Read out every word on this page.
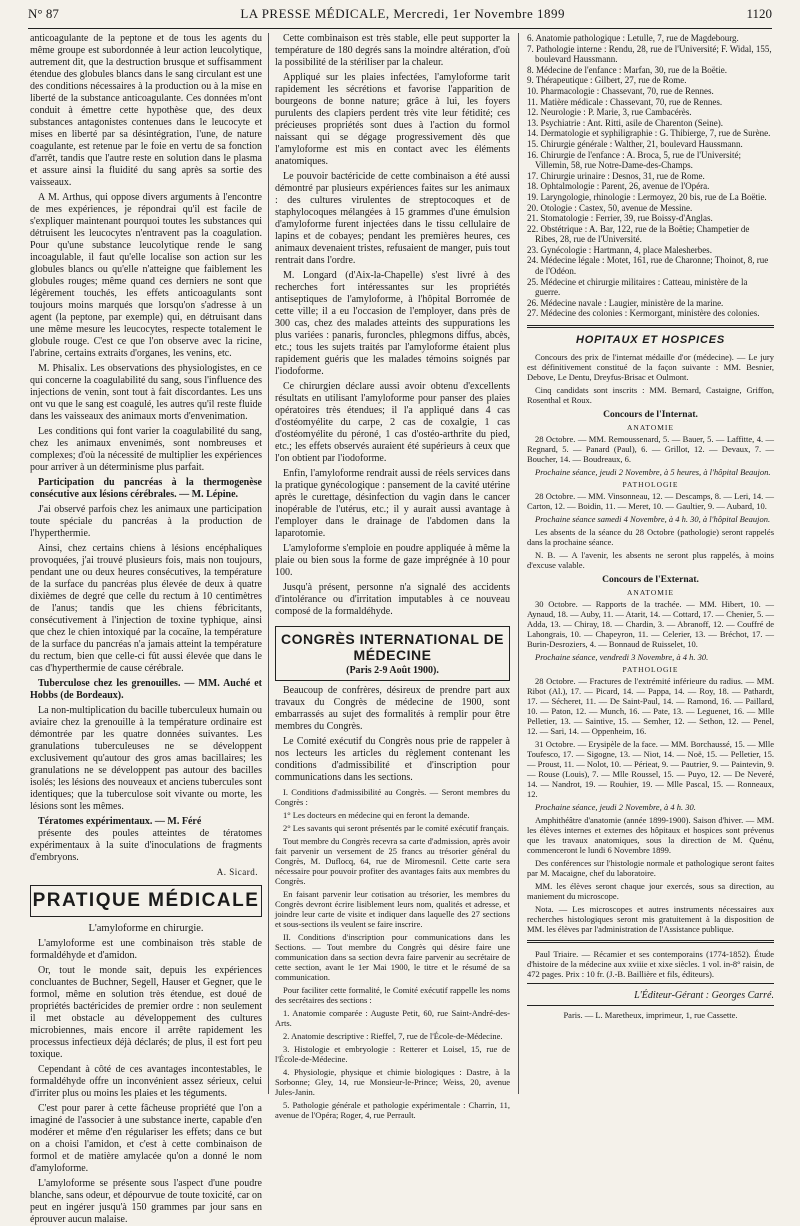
N° 87	LA PRESSE MÉDICALE, Mercredi, 1er Novembre 1899	1120

anticoagulante de la peptone et de tous les agents du même groupe est subordonnée à leur action leucolytique, autrement dit, que la destruction brusque et suffisamment étendue des globules blancs dans le sang circulant est une des conditions nécessaires à la production ou à la mise en liberté de la substance anticoagulante. Ces données m'ont conduit à émettre cette hypothèse que, des deux substances antagonistes contenues dans le leucocyte et mises en liberté par sa désintégration, l'une, de nature coagulante, est retenue par le foie en vertu de sa fonction d'arrêt, tandis que l'autre reste en solution dans le plasma et assure ainsi la fluidité du sang après sa sortie des vaisseaux.

A M. Arthus, qui oppose divers arguments à l'encontre de mes expériences, je répondrai qu'il est facile de s'expliquer maintenant pourquoi toutes les substances qui détruisent les leucocytes n'entravent pas la coagulation. Pour qu'une substance leucolytique rende le sang incoagulable, il faut qu'elle localise son action sur les globules blancs ou qu'elle n'atteigne que faiblement les globules rouges; même quand ces derniers ne sont que légèrement touchés, les effets anticoagulants sont toujours moins marqués que lorsqu'on s'adresse à un agent (la peptone, par exemple) qui, en détruisant dans une même mesure les leucocytes, respecte totalement le globule rouge. C'est ce que l'on observe avec la ricine, l'abrine, certains extraits d'organes, les venins, etc.

M. Phisalix. Les observations des physiologistes, en ce qui concerne la coagulabilité du sang, sous l'influence des injections de venin, sont tout à fait discordantes. Les uns ont vu que le sang est coagulé, les autres qu'il reste fluide dans les vaisseaux des animaux morts d'envenimation.

Les conditions qui font varier la coagulabilité du sang, chez les animaux envenimés, sont nombreuses et complexes; d'où la nécessité de multiplier les expériences pour arriver à un déterminisme plus parfait.

Participation du pancréas à la thermogenèse consécutive aux lésions cérébrales. — M. Lépine.

J'ai observé parfois chez les animaux une participation toute spéciale du pancréas à la production de l'hyperthermie.

Ainsi, chez certains chiens à lésions encéphaliques provoquées, j'ai trouvé plusieurs fois, mais non toujours, pendant une ou deux heures consécutives, la température de la surface du pancréas plus élevée de deux à quatre dixièmes de degré que celle du rectum à 10 centimètres de l'anus; tandis que les chiens fébricitants, consécutivement à l'injection de toxine typhique, ainsi que chez le chien intoxiqué par la cocaïne, la température de la surface du pancréas n'a jamais atteint la température du rectum, bien que celle-ci fût aussi élevée que dans le cas d'hyperthermie de cause cérébrale.

Tuberculose chez les grenouilles. — MM. Auché et Hobbs (de Bordeaux).

La non-multiplication du bacille tuberculeux humain ou aviaire chez la grenouille à la température ordinaire est démontrée par les quatre données suivantes. Les granulations tuberculeuses ne se développent exclusivement qu'autour des gros amas bacillaires; les granulations ne se développent pas autour des bacilles isolés; les lésions des nouveaux et anciens tubercules sont identiques; que la tuberculose soit vivante ou morte, les lésions sont les mêmes.

Tératomes expérimentaux. — M. Féré

présente des poules atteintes de tératomes expérimentaux à la suite d'inoculations de fragments d'embryons.

A. Sicard.
PRATIQUE MÉDICALE
L'amyloforme en chirurgie.

L'amyloforme est une combinaison très stable de formaldéhyde et d'amidon.

Or, tout le monde sait, depuis les expériences concluantes de Buchner, Segell, Hauser et Gegner, que le formol, même en solution très étendue, est doué de propriétés bactéricides de premier ordre : non seulement il met obstacle au développement des cultures microbiennes, mais encore il arrête rapidement les processus infectieux déjà déclarés; de plus, il est fort peu toxique.

Cependant à côté de ces avantages incontestables, le formaldéhyde offre un inconvénient assez sérieux, celui d'irriter plus ou moins les plaies et les téguments.

C'est pour parer à cette fâcheuse propriété que l'on a imaginé de l'associer à une substance inerte, capable d'en modérer et même d'en régulariser les effets; dans ce but on a choisi l'amidon, et c'est à cette combinaison de formol et de matière amylacée qu'on a donné le nom d'amyloforme.

L'amyloforme se présente sous l'aspect d'une poudre blanche, sans odeur, et dépourvue de toute toxicité, car on peut en ingérer jusqu'à 150 grammes par jour sans en éprouver aucun malaise.

Cette combinaison est très stable, elle peut supporter la température de 180 degrés sans la moindre altération, d'où la possibilité de la stériliser par la chaleur.

Appliqué sur les plaies infectées, l'amyloforme tarit rapidement les sécrétions et favorise l'apparition de bourgeons de bonne nature; grâce à lui, les foyers purulents des clapiers perdent très vite leur fétidité; ces précieuses propriétés sont dues à l'action du formol naissant qui se dégage progressivement dès que l'amyloforme est mis en contact avec les éléments anatomiques.

Le pouvoir bactéricide de cette combinaison a été aussi démontré par plusieurs expériences faites sur les animaux : des cultures virulentes de streptocoques et de staphylocoques mélangées à 15 grammes d'une émulsion d'amyloforme furent injectées dans le tissu cellulaire de lapins et de cobayes; pendant les premières heures, ces animaux devenaient tristes, refusaient de manger, puis tout rentrait dans l'ordre.

M. Longard (d'Aix-la-Chapelle) s'est livré à des recherches fort intéressantes sur les propriétés antiseptiques de l'amyloforme, à l'hôpital Borromée de cette ville; il a eu l'occasion de l'employer, dans près de 300 cas, chez des malades atteints des suppurations les plus variées : panaris, furoncles, phlegmons diffus, abcès, etc.; tous les sujets traités par l'amyloforme étaient plus rapidement guéris que les malades témoins soignés par l'iodoforme.

Ce chirurgien déclare aussi avoir obtenu d'excellents résultats en utilisant l'amyloforme pour panser des plaies opératoires très étendues; il l'a appliqué dans 4 cas d'ostéomyélite du carpe, 2 cas de coxalgie, 1 cas d'ostéomyélite du péroné, 1 cas d'ostéo-arthrite du pied, etc.; les effets observés auraient été supérieurs à ceux que l'on obtient par l'iodoforme.

Enfin, l'amyloforme rendrait aussi de réels services dans la pratique gynécologique : pansement de la cavité utérine après le curettage, désinfection du vagin dans le cancer inopérable de l'utérus, etc.; il y aurait aussi avantage à l'employer dans le drainage de l'abdomen dans la laparotomie.

L'amyloforme s'emploie en poudre appliquée à même la plaie ou bien sous la forme de gaze imprégnée à 10 pour 100.

Jusqu'à présent, personne n'a signalé des accidents d'intolérance ou d'irritation imputables à ce nouveau composé de la formaldéhyde.

CONGRÈS INTERNATIONAL DE MÉDECINE
(Paris 2-9 Août 1900).

Beaucoup de confrères, désireux de prendre part aux travaux du Congrès de médecine de 1900, sont embarrassés au sujet des formalités à remplir pour être membres du Congrès.

Le Comité exécutif du Congrès nous prie de rappeler à nos lecteurs les articles du règlement contenant les conditions d'admissibilité et d'inscription pour communications dans les sections.

I. Conditions d'admissibilité au Congrès. — Seront membres du Congrès :

1° Les docteurs en médecine qui en feront la demande.

2° Les savants qui seront présentés par le comité exécutif français.

Tout membre du Congrès recevra sa carte d'admission, après avoir fait parvenir un versement de 25 francs au trésorier général du Congrès, M. Duflocq, 64, rue de Miromesnil. Cette carte sera nécessaire pour pouvoir profiter des avantages faits aux membres du Congrès.

En faisant parvenir leur cotisation au trésorier, les membres du Congrès devront écrire lisiblement leurs nom, qualités et adresse, et joindre leur carte de visite et indiquer dans laquelle des 27 sections et sous-sections ils veulent se faire inscrire.

II. Conditions d'inscription pour communications dans les Sections. — Tout membre du Congrès qui désire faire une communication dans sa section devra faire parvenir au secrétaire de cette section, avant le 1er Mai 1900, le titre et le résumé de sa communication.

Pour faciliter cette formalité, le Comité exécutif rappelle les noms des secrétaires des sections :

1. Anatomie comparée : Auguste Petit, 60, rue Saint-André-des-Arts.

2. Anatomie descriptive : Rieffel, 7, rue de l'École-de-Médecine.

3. Histologie et embryologie : Retterer et Loisel, 15, rue de l'École-de-Médecine.

4. Physiologie, physique et chimie biologiques : Dastre, à la Sorbonne; Gley, 14, rue Monsieur-le-Prince; Weiss, 20, avenue Jules-Janin.

5. Pathologie générale et pathologie expérimentale : Charrin, 11, avenue de l'Opéra; Roger, 4, rue Perrault.

6. Anatomie pathologique : Letulle, 7, rue de Magdebourg.
7. Pathologie interne : Rendu, 28, rue de l'Université; F. Widal, 155, boulevard Haussmann.
8. Médecine de l'enfance : Marfan, 30, rue de la Boëtie.
9. Thérapeutique : Gilbert, 27, rue de Rome.
10. Pharmacologie : Chassevant, 70, rue de Rennes.
11. Matière médicale : Chassevant, 70, rue de Rennes.
12. Neurologie : P. Marie, 3, rue Cambacérès.
13. Psychiatrie : Ant. Ritti, asile de Charenton (Seine).
14. Dermatologie et syphiligraphie : G. Thibierge, 7, rue de Surène.
15. Chirurgie générale : Walther, 21, boulevard Haussmann.
16. Chirurgie de l'enfance : A. Broca, 5, rue de l'Université; Villemin, 58, rue Notre-Dame-des-Champs.
17. Chirurgie urinaire : Desnos, 31, rue de Rome.
18. Ophtalmologie : Parent, 26, avenue de l'Opéra.
19. Laryngologie, rhinologie : Lermoyez, 20 bis, rue de La Boëtie.
20. Otologie : Castex, 50, avenue de Messine.
21. Stomatologie : Ferrier, 39, rue Boissy-d'Anglas.
22. Obstétrique : A. Bar, 122, rue de la Boëtie; Champetier de Ribes, 28, rue de l'Université.
23. Gynécologie : Hartmann, 4, place Malesherbes.
24. Médecine légale : Motet, 161, rue de Charonne; Thoinot, 8, rue de l'Odéon.
25. Médecine et chirurgie militaires : Catteau, ministère de la guerre.
26. Médecine navale : Laugier, ministère de la marine.
27. Médecine des colonies : Kermorgant, ministère des colonies.
HOPITAUX ET HOSPICES

Concours des prix de l'internat médaille d'or (médecine). — Le jury est définitivement constitué de la façon suivante : MM. Besnier, Debove, Le Dentu, Dreyfus-Brisac et Oulmont.

Cinq candidats sont inscrits : MM. Bernard, Castaigne, Griffon, Rosenthal et Roux.

Concours de l'Internat.
ANATOMIE

28 Octobre. — MM. Remoussenard, 5. — Bauer, 5. — Laffitte, 4. — Regnard, 5. — Panard (Paul), 6. — Grillot, 12. — Devaux, 7. — Boucher, 14. — Boudreaux, 6.

Prochaine séance, jeudi 2 Novembre, à 5 heures, à l'hôpital Beaujon.

PATHOLOGIE

28 Octobre. — MM. Vinsonneau, 12. — Descamps, 8. — Leri, 14. — Carton, 12. — Boidin, 11. — Meret, 10. — Gaultier, 9. — Aubard, 10.

Prochaine séance samedi 4 Novembre, à 4 h. 30, à l'hôpital Beaujon.

Les absents de la séance du 28 Octobre (pathologie) seront rappelés dans la prochaine séance.

N. B. — A l'avenir, les absents ne seront plus rappelés, à moins d'excuse valable.

Concours de l'Externat.
ANATOMIE

30 Octobre. — Rapports de la trachée. — MM. Hibert, 10. — Aynaud, 18. — Auby, 11. — Atarit, 14. — Cottard, 17. — Chenier, 5. — Adda, 13. — Chiray, 18. — Chardin, 3. — Abranoff, 12. — Couffré de Lahongrais, 10. — Chapeyron, 11. — Celerier, 13. — Bréchot, 17. — Burin-Desroziers, 4. — Bonnaud de Ruisselet, 10.

Prochaine séance, vendredi 3 Novembre, à 4 h. 30.

PATHOLOGIE

28 Octobre. — Fractures de l'extrémité inférieure du radius. — MM. Ribot (Al.), 17. — Picard, 14. — Pappa, 14. — Roy, 18. — Pathardt, 17. — Sécheret, 11. — De Saint-Paul, 14. — Ramond, 16. — Paillard, 10. — Paton, 12. — Munch, 16. — Pate, 13. — Leguenet, 16. — Mlle Pelletier, 13. — Saintive, 15. — Semher, 12. — Sethon, 12. — Penel, 12. — Sari, 14. — Oppenheim, 16.

31 Octobre. — Erysipèle de la face. — MM. Borchaussé, 15. — Mlle Toufesco, 17. — Sigogne, 13. — Niot, 14. — Noë, 15. — Pelletier, 15. — Proust, 11. — Nolot, 10. — Périeat, 9. — Pautrier, 9. — Paintevin, 9. — Rouse (Louis), 7. — Mlle Roussel, 15. — Puyo, 12. — De Neveré, 14. — Nandrot, 19. — Rouhier, 19. — Mlle Pascal, 15. — Ronneaux, 12.

Prochaine séance, jeudi 2 Novembre, à 4 h. 30.

Amphithéâtre d'anatomie (année 1899-1900). Saison d'hiver. — MM. les élèves internes et externes des hôpitaux et hospices sont prévenus que les travaux anatomiques, sous la direction de M. Quénu, commenceront le lundi 6 Novembre 1899.

Des conférences sur l'histologie normale et pathologique seront faites par M. Macaigne, chef du laboratoire.

MM. les élèves seront chaque jour exercés, sous sa direction, au maniement du microscope.

Nota. — Les microscopes et autres instruments nécessaires aux recherches histologiques seront mis gratuitement à la disposition de MM. les élèves par l'administration de l'Assistance publique.

Paul Triaire. — Récamier et ses contemporains (1774-1852). Étude d'histoire de la médecine aux xviiie et xixe siècles. 1 vol. in-8° raisin, de 472 pages. Prix : 10 fr. (J.-B. Baillière et fils, éditeurs).

L'Éditeur-Gérant : Georges Carré.
Paris. — L. Maretheux, imprimeur, 1, rue Cassette.
